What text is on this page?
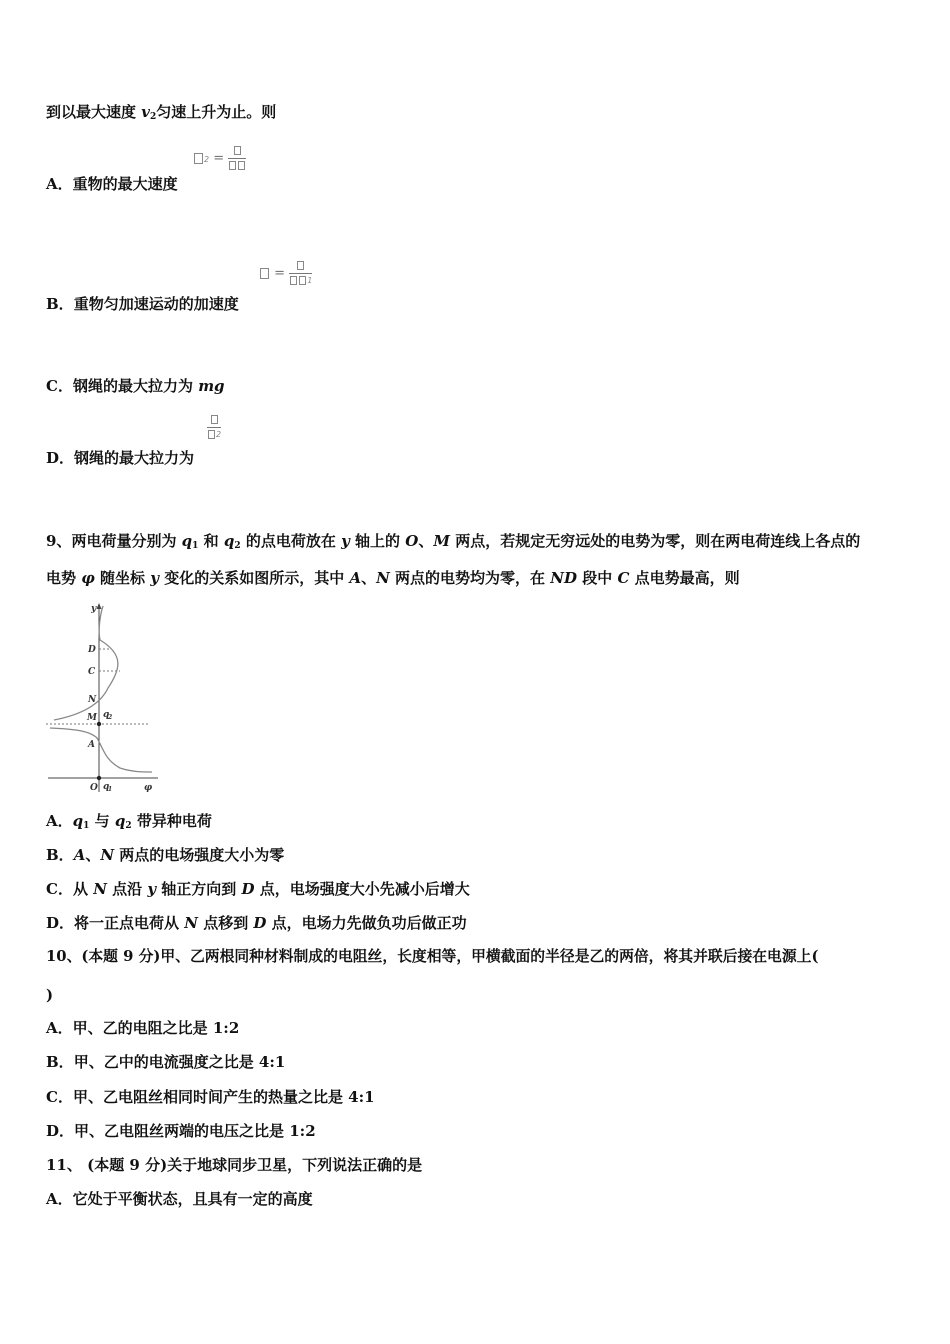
到以最大速度 $v_2$匀速上升为止。则
2 =
A．重物的最大速度
=	1
B．重物匀加速运动的加速度
C．钢绳的最大拉力为 mg
2
D．钢绳的最大拉力为
9、两电荷量分别为 $q_1$ 和 $q_2$ 的点电荷放在 y 轴上的 O、M 两点，若规定无穷远处的电势为零，则在两电荷连线上各点的
电势 φ 随坐标 y 变化的关系如图所示，其中 A、N 两点的电势均为零，在 ND 段中 C 点电势最高，则
y
D
C
N
M q
2
A
O q
1	φ
A．$q_1$ 与 $q_2$ 带异种电荷
B．A、N 两点的电场强度大小为零
C．从 N 点沿 y 轴正方向到 D 点，电场强度大小先减小后增大
D．将一正点电荷从 N 点移到 D 点，电场力先做负功后做正功
10、(本题 9 分)甲、乙两根同种材料制成的电阻丝，长度相等，甲横截面的半径是乙的两倍，将其并联后接在电源上(
)
A．甲、乙的电阻之比是 1:2
B．甲、乙中的电流强度之比是 4:1
C．甲、乙电阻丝相同时间产生的热量之比是 4:1
D．甲、乙电阻丝两端的电压之比是 1:2
11、 (本题 9 分)关于地球同步卫星，下列说法正确的是
A．它处于平衡状态，且具有一定的高度
